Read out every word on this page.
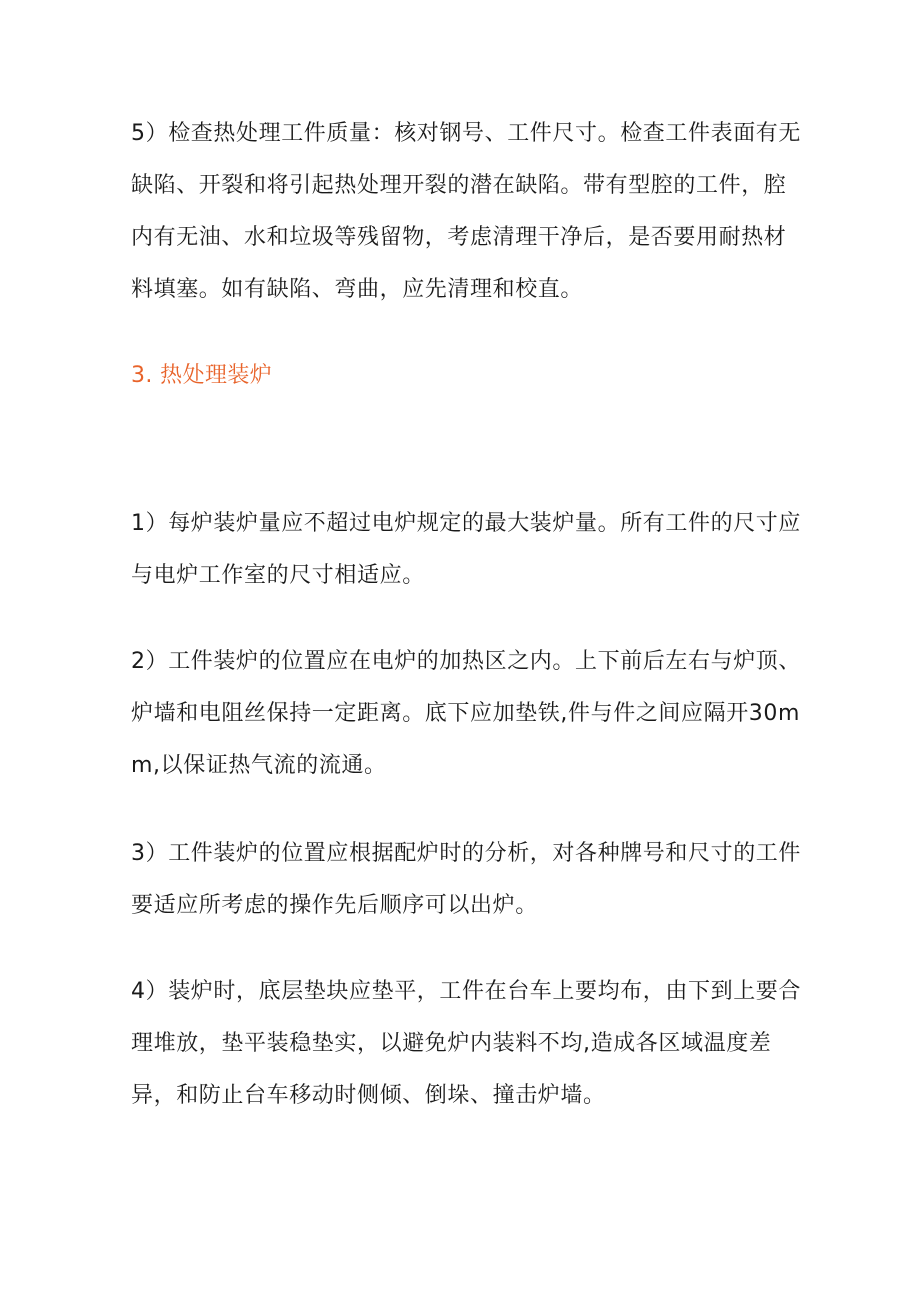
5）检查热处理工件质量：核对钢号、工件尺寸。检查工件表面有无缺陷、开裂和将引起热处理开裂的潜在缺陷。带有型腔的工件，腔内有无油、水和垃圾等残留物，考虑清理干净后，是否要用耐热材料填塞。如有缺陷、弯曲，应先清理和校直。

3. 热处理装炉

1）每炉装炉量应不超过电炉规定的最大装炉量。所有工件的尺寸应与电炉工作室的尺寸相适应。

2）工件装炉的位置应在电炉的加热区之内。上下前后左右与炉顶、炉墙和电阻丝保持一定距离。底下应加垫铁,件与件之间应隔开30mm,以保证热气流的流通。

3）工件装炉的位置应根据配炉时的分析，对各种牌号和尺寸的工件要适应所考虑的操作先后顺序可以出炉。

4）装炉时，底层垫块应垫平，工件在台车上要均布，由下到上要合理堆放，垫平装稳垫实，以避免炉内装料不均,造成各区域温度差异，和防止台车移动时侧倾、倒垛、撞击炉墙。
